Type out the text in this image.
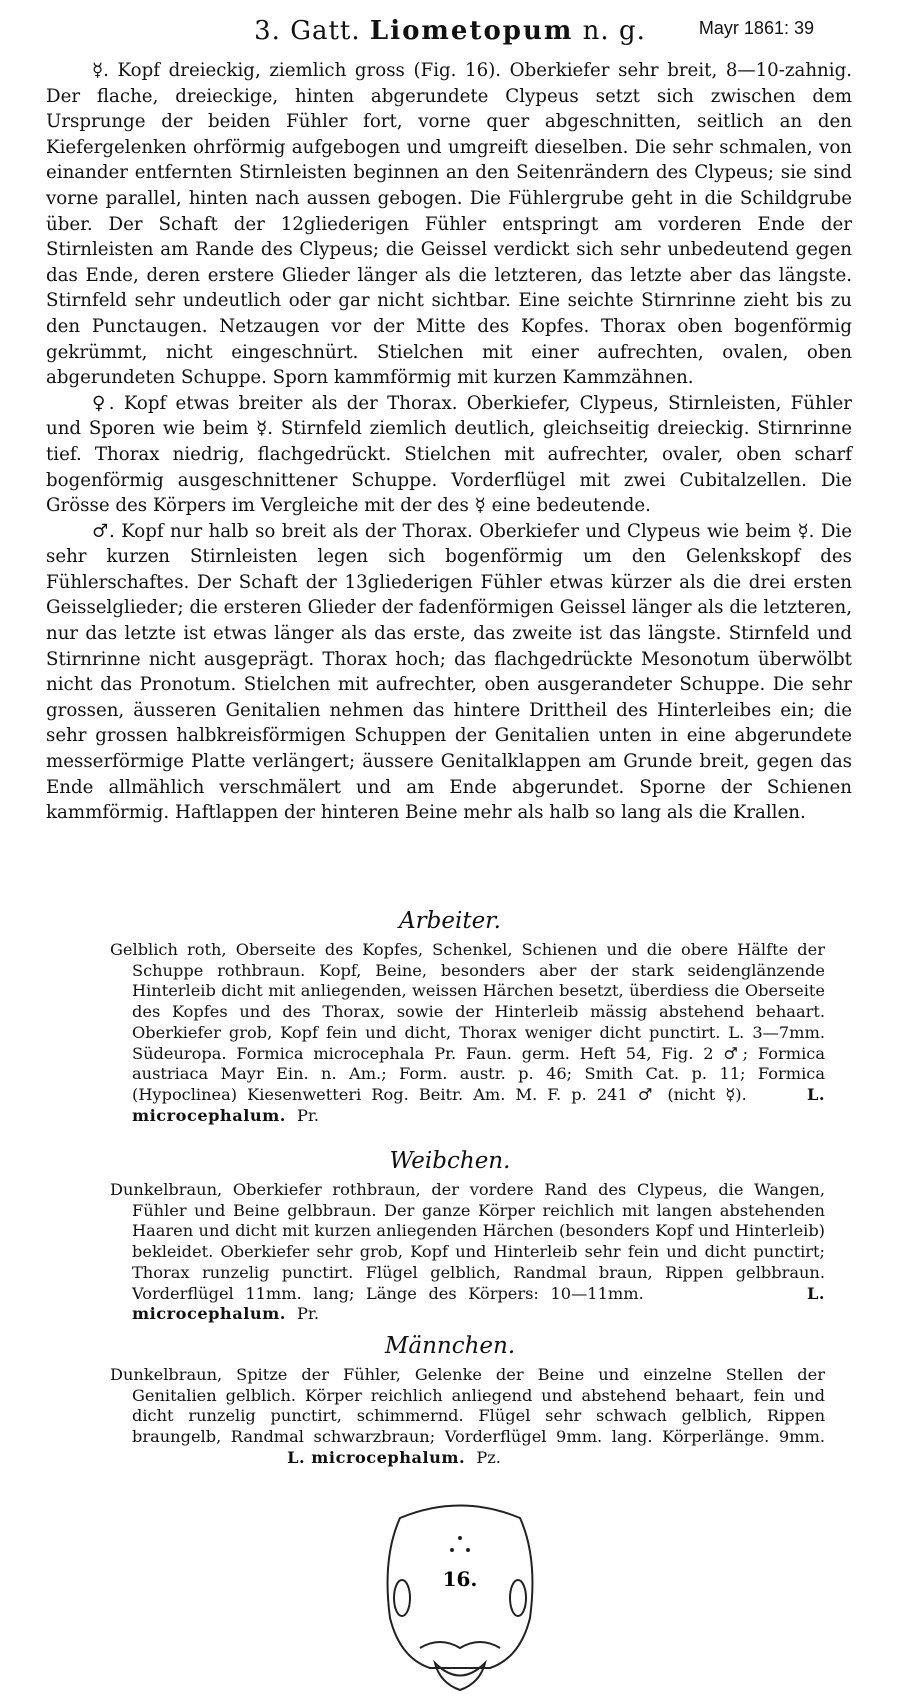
3. Gatt. Liometopum n. g.	Mayr 1861: 39

☿. Kopf dreieckig, ziemlich gross (Fig. 16). Oberkiefer sehr breit, 8—10-zahnig. Der flache, dreieckige, hinten abgerundete Clypeus setzt sich zwischen dem Ursprunge der beiden Fühler fort, vorne quer abgeschnitten, seitlich an den Kiefergelenken ohrförmig aufgebogen und umgreift dieselben. Die sehr schmalen, von einander entfernten Stirnleisten beginnen an den Seitenrändern des Clypeus; sie sind vorne parallel, hinten nach aussen gebogen. Die Fühlergrube geht in die Schildgrube über. Der Schaft der 12gliederigen Fühler entspringt am vorderen Ende der Stirnleisten am Rande des Clypeus; die Geissel verdickt sich sehr unbedeutend gegen das Ende, deren erstere Glieder länger als die letzteren, das letzte aber das längste. Stirnfeld sehr undeutlich oder gar nicht sichtbar. Eine seichte Stirnrinne zieht bis zu den Punctaugen. Netzaugen vor der Mitte des Kopfes. Thorax oben bogenförmig gekrümmt, nicht eingeschnürt. Stielchen mit einer aufrechten, ovalen, oben abgerundeten Schuppe. Sporn kammförmig mit kurzen Kammzähnen.

♀. Kopf etwas breiter als der Thorax. Oberkiefer, Clypeus, Stirnleisten, Fühler und Sporen wie beim ☿. Stirnfeld ziemlich deutlich, gleichseitig dreieckig. Stirnrinne tief. Thorax niedrig, flachgedrückt. Stielchen mit aufrechter, ovaler, oben scharf bogenförmig ausgeschnittener Schuppe. Vorderflügel mit zwei Cubitalzellen. Die Grösse des Körpers im Vergleiche mit der des ☿ eine bedeutende.

♂. Kopf nur halb so breit als der Thorax. Oberkiefer und Clypeus wie beim ☿. Die sehr kurzen Stirnleisten legen sich bogenförmig um den Gelenkskopf des Fühlerschaftes. Der Schaft der 13gliederigen Fühler etwas kürzer als die drei ersten Geisselglieder; die ersteren Glieder der fadenförmigen Geissel länger als die letzteren, nur das letzte ist etwas länger als das erste, das zweite ist das längste. Stirnfeld und Stirnrinne nicht ausgeprägt. Thorax hoch; das flachgedrückte Mesonotum überwölbt nicht das Pronotum. Stielchen mit aufrechter, oben ausgerandeter Schuppe. Die sehr grossen, äusseren Genitalien nehmen das hintere Drittheil des Hinterleibes ein; die sehr grossen halbkreisförmigen Schuppen der Genitalien unten in eine abgerundete messerförmige Platte verlängert; äussere Genitalklappen am Grunde breit, gegen das Ende allmählich verschmälert und am Ende abgerundet. Sporne der Schienen kammförmig. Haftlappen der hinteren Beine mehr als halb so lang als die Krallen.

Arbeiter.

Gelblich roth, Oberseite des Kopfes, Schenkel, Schienen und die obere Hälfte der Schuppe rothbraun. Kopf, Beine, besonders aber der stark seidenglänzende Hinterleib dicht mit anliegenden, weissen Härchen besetzt, überdiess die Oberseite des Kopfes und des Thorax, sowie der Hinterleib mässig abstehend behaart. Oberkiefer grob, Kopf fein und dicht, Thorax weniger dicht punctirt. L. 3—7mm. Südeuropa. Formica microcephala Pr. Faun. germ. Heft 54, Fig. 2 ♂; Formica austriaca Mayr Ein. n. Am.; Form. austr. p. 46; Smith Cat. p. 11; Formica (Hypoclinea) Kiesenwetteri Rog. Beitr. Am. M. F. p. 241 ♂ (nicht ☿).	L. microcephalum. Pr.

Weibchen.

Dunkelbraun, Oberkiefer rothbraun, der vordere Rand des Clypeus, die Wangen, Fühler und Beine gelbbraun. Der ganze Körper reichlich mit langen abstehenden Haaren und dicht mit kurzen anliegenden Härchen (besonders Kopf und Hinterleib) bekleidet. Oberkiefer sehr grob, Kopf und Hinterleib sehr fein und dicht punctirt; Thorax runzelig punctirt. Flügel gelblich, Randmal braun, Rippen gelbbraun. Vorderflügel 11mm. lang; Länge des Körpers: 10—11mm.	L. microcephalum. Pr.

Männchen.

Dunkelbraun, Spitze der Fühler, Gelenke der Beine und einzelne Stellen der Genitalien gelblich. Körper reichlich anliegend und abstehend behaart, fein und dicht runzelig punctirt, schimmernd. Flügel sehr schwach gelblich, Rippen braungelb, Randmal schwarzbraun; Vorderflügel 9mm. lang. Körperlänge. 9mm.  L. microcephalum. Pz.

16.
